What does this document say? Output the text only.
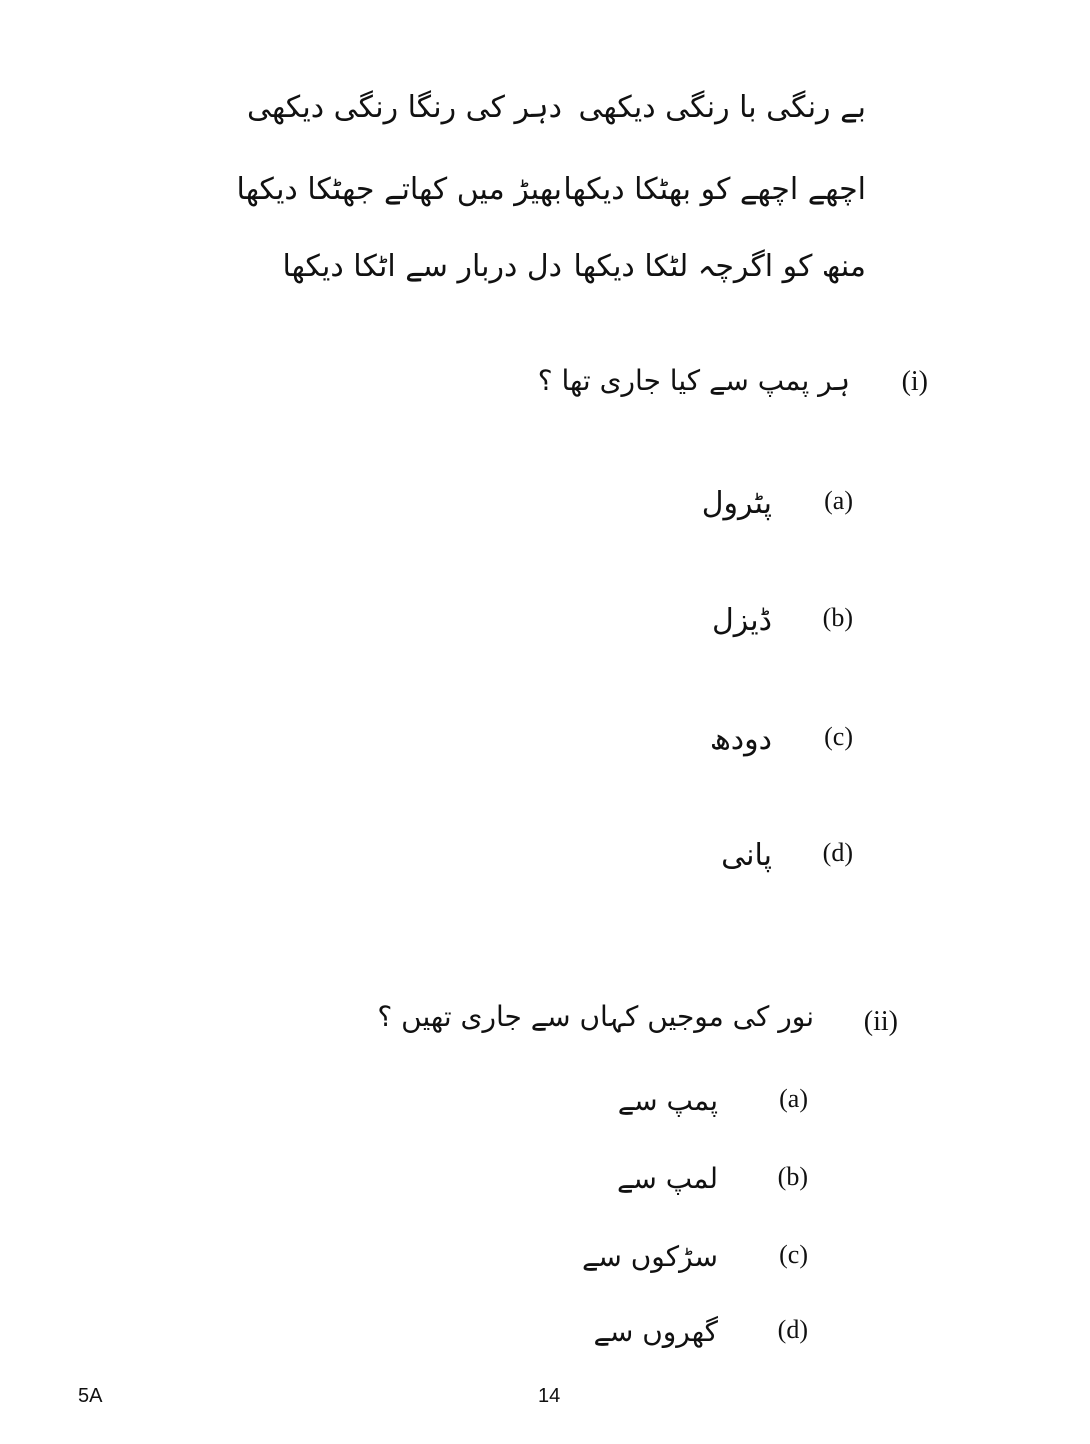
بے رنگی با رنگی دیکھی
دہر کی رنگا رنگی دیکھی
اچھے اچھے کو بھٹکا دیکھا
بھیڑ میں کھاتے جھٹکا دیکھا
منھ کو اگرچہ لٹکا دیکھا
دل دربار سے اٹکا دیکھا
(i)
ہر پمپ سے کیا جاری تھا ؟
(a)
پٹرول
(b)
ڈیزل
(c)
دودھ
(d)
پانی
(ii)
نور کی موجیں کہاں سے جاری تھیں ؟
(a)
پمپ سے
(b)
لمپ سے
(c)
سڑکوں سے
(d)
گھروں سے
5A	14
